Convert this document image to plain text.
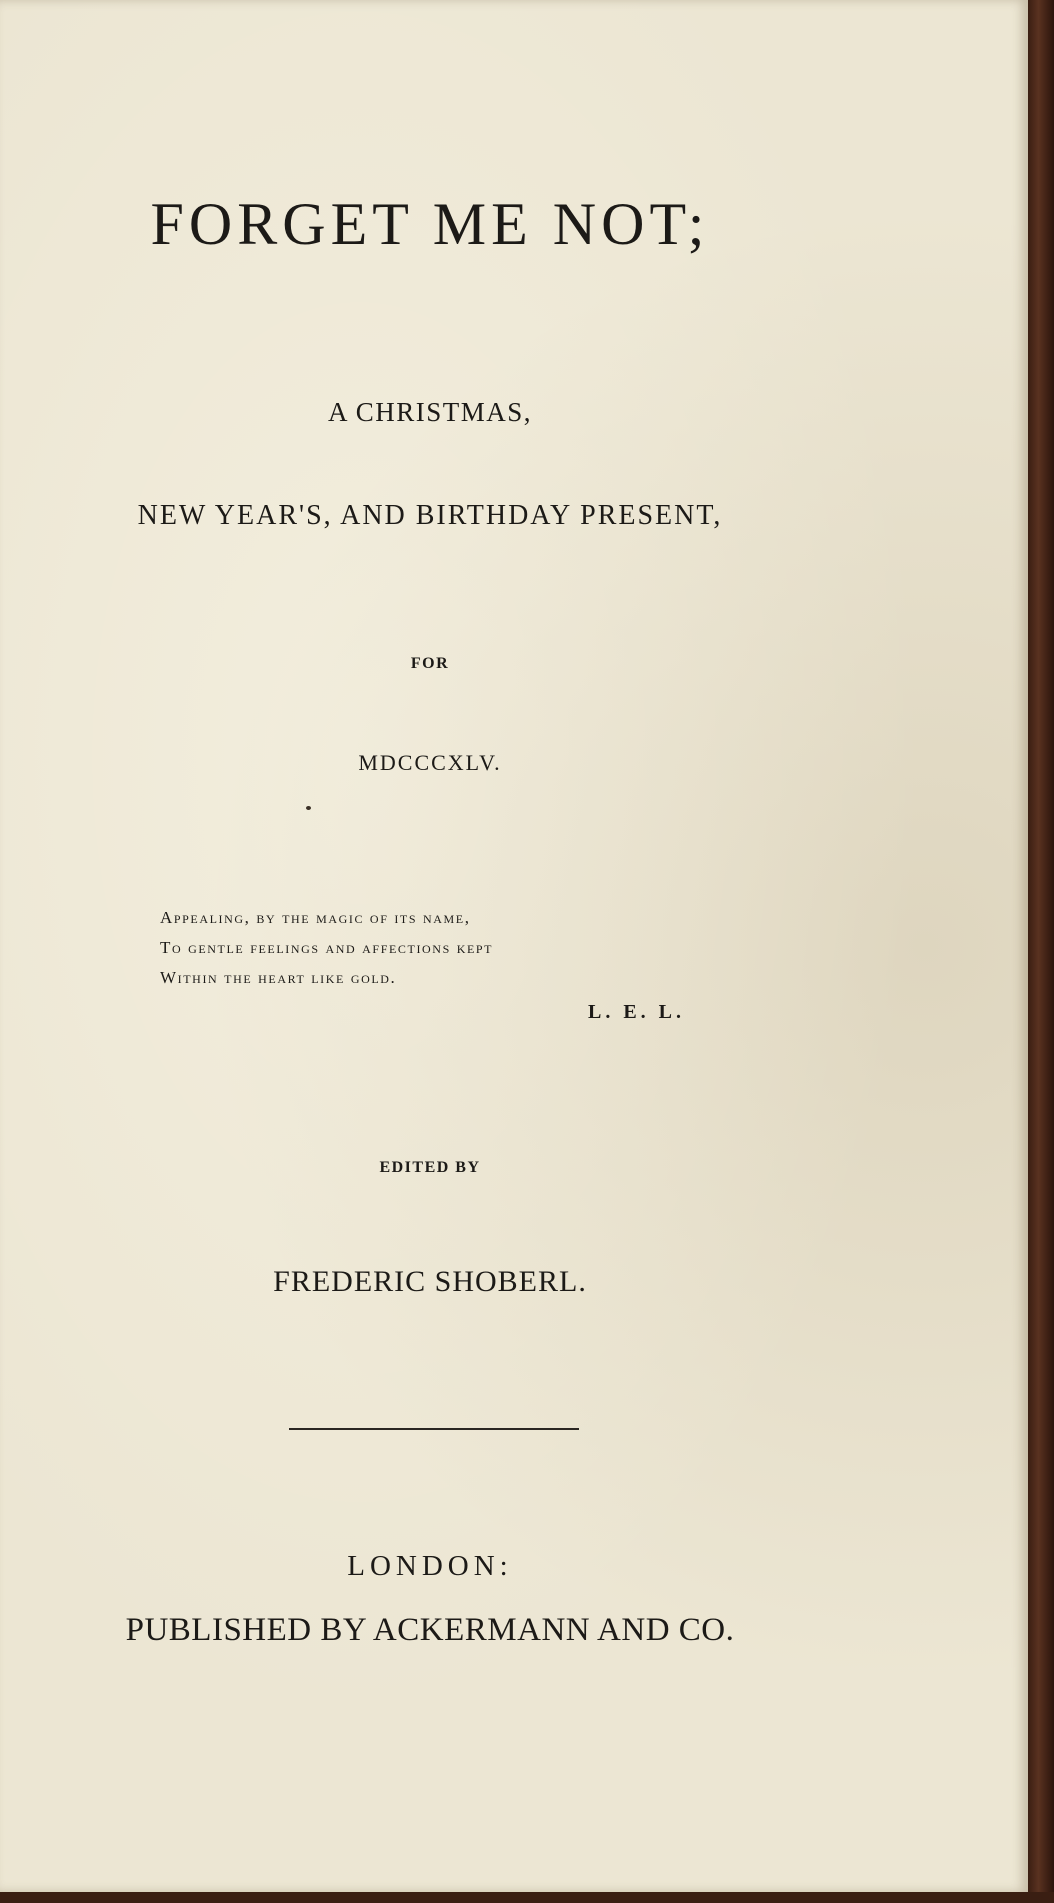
FORGET ME NOT;
A CHRISTMAS,
NEW YEAR'S, AND BIRTHDAY PRESENT,
FOR
MDCCCXLV.
Appealing, by the magic of its name,
To gentle feelings and affections kept
Within the heart like gold.
L. E. L.
EDITED BY
FREDERIC SHOBERL.
LONDON:
PUBLISHED BY ACKERMANN AND CO.
